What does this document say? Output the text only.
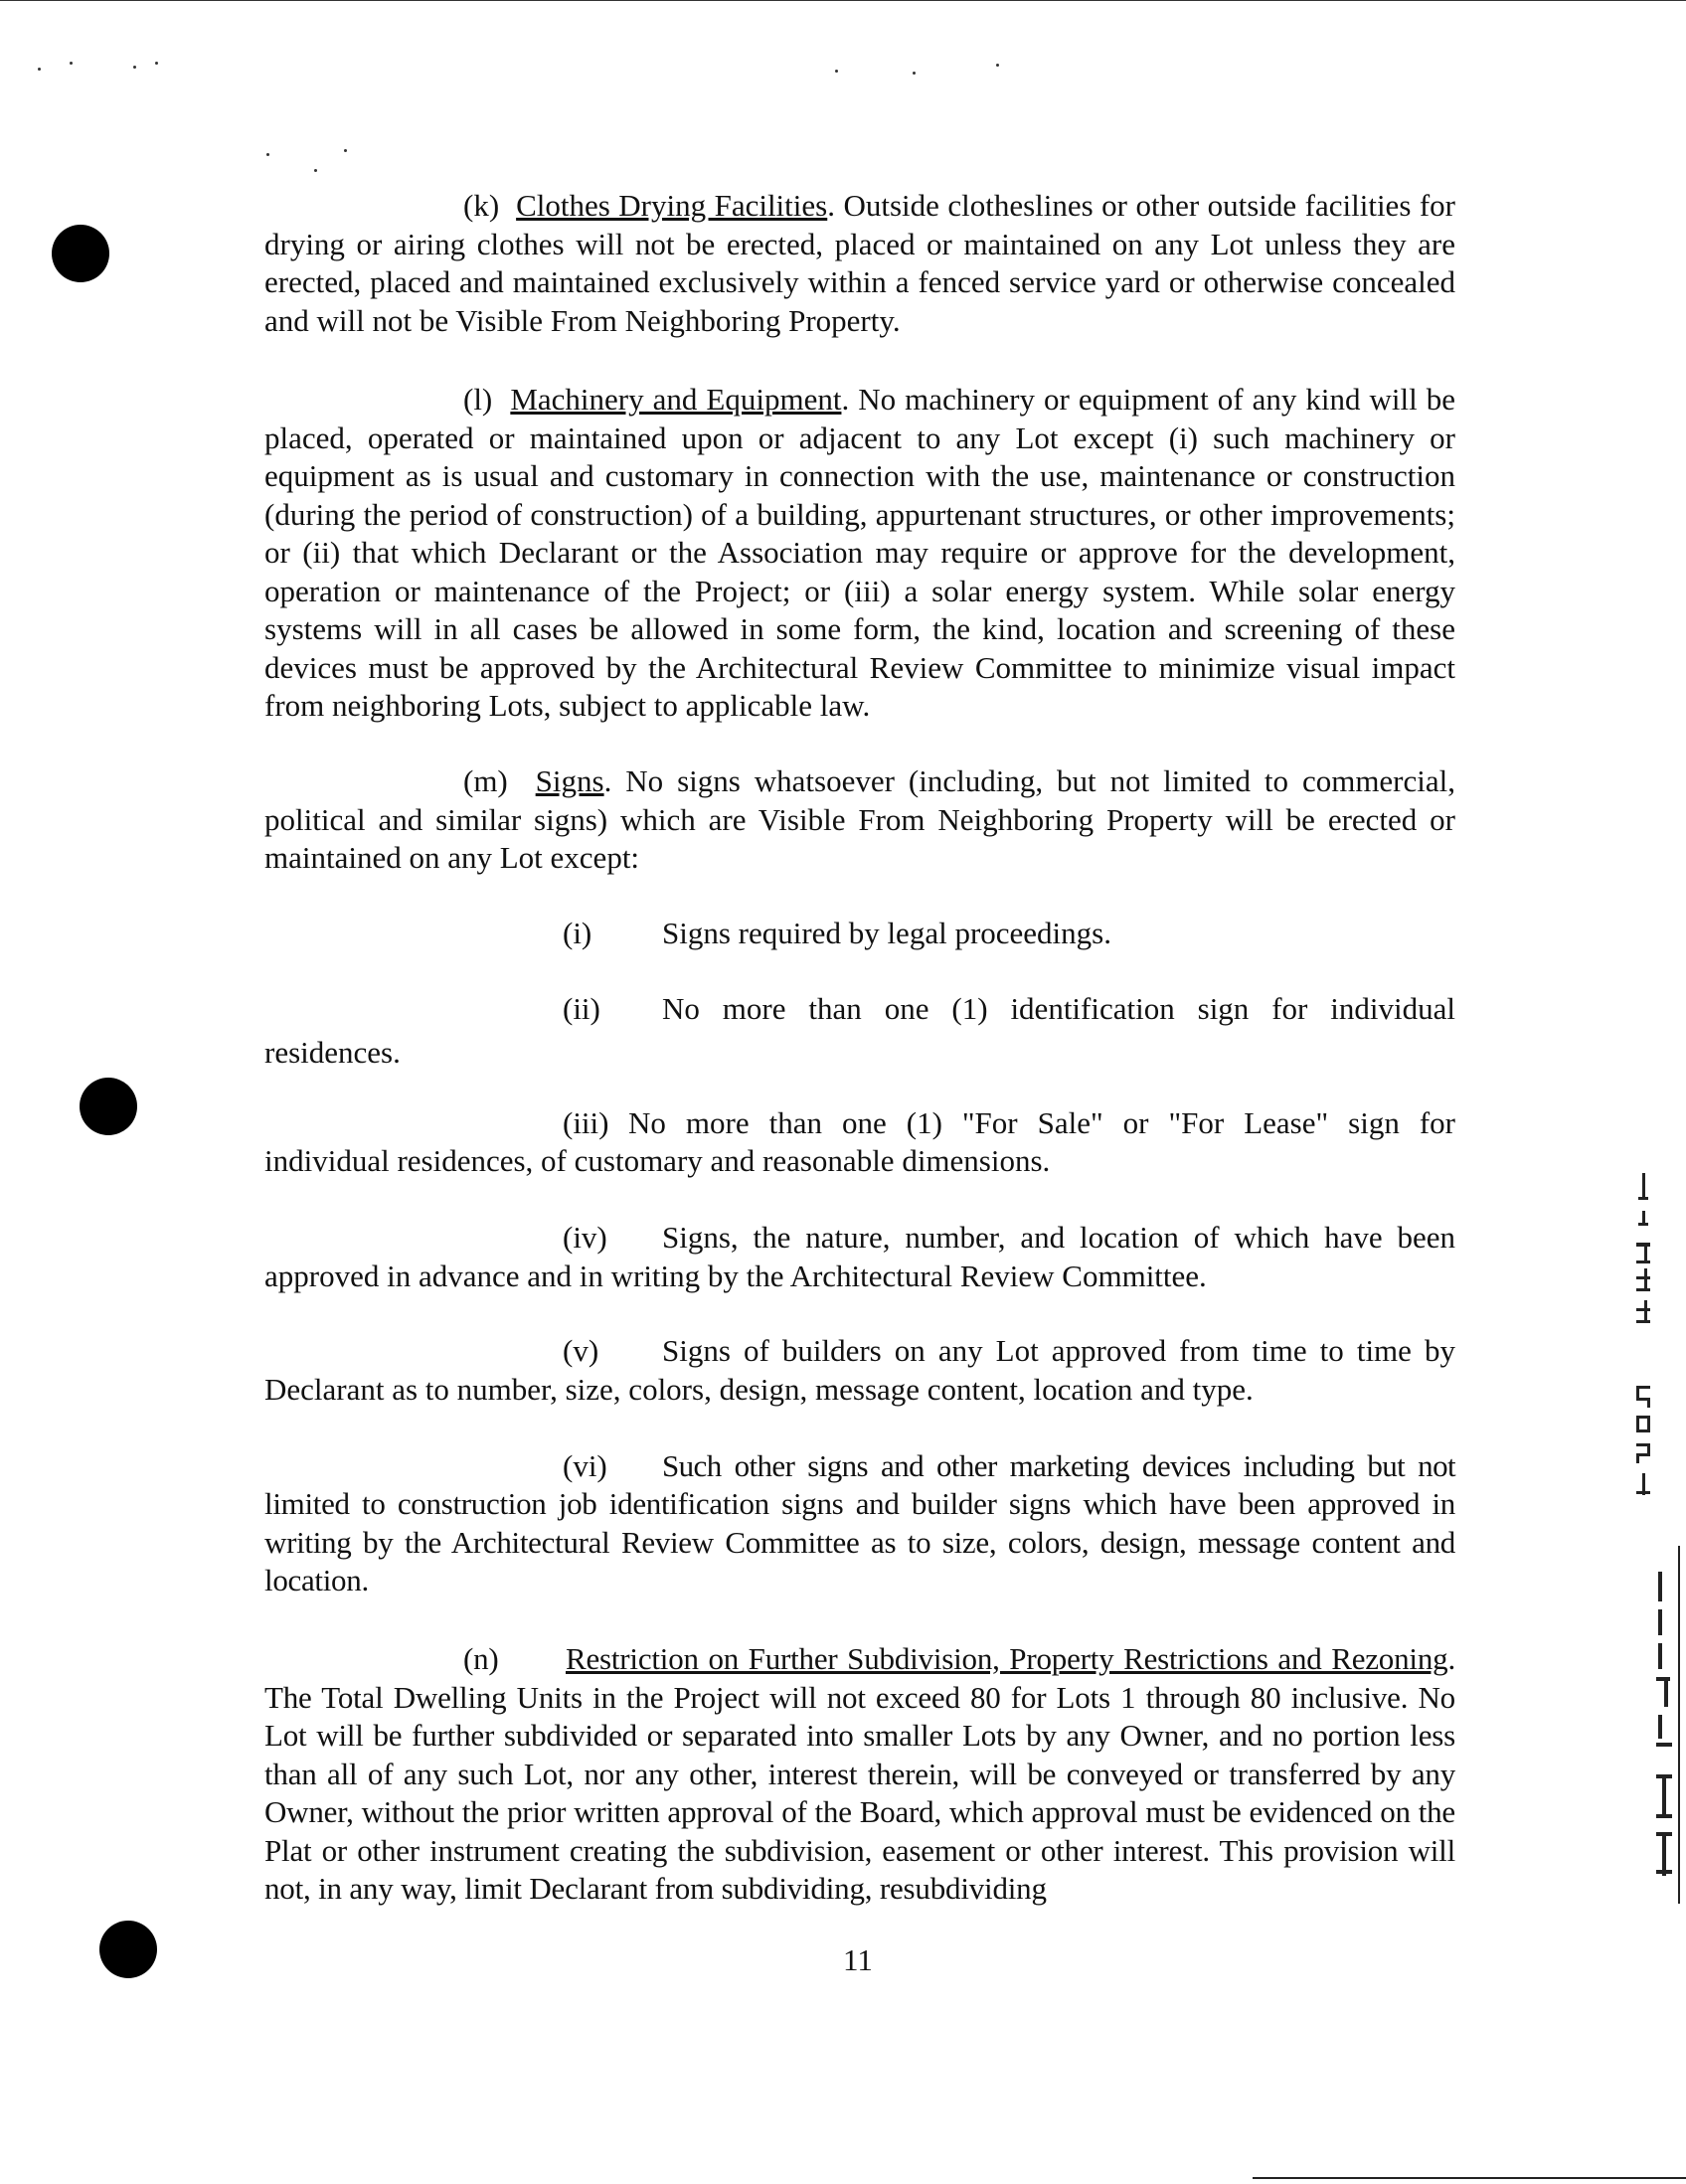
(k) Clothes Drying Facilities. Outside clotheslines or other outside facilities for drying or airing clothes will not be erected, placed or maintained on any Lot unless they are erected, placed and maintained exclusively within a fenced service yard or otherwise concealed and will not be Visible From Neighboring Property.
(l) Machinery and Equipment. No machinery or equipment of any kind will be placed, operated or maintained upon or adjacent to any Lot except (i) such machinery or equipment as is usual and customary in connection with the use, maintenance or construction (during the period of construction) of a building, appurtenant structures, or other improvements; or (ii) that which Declarant or the Association may require or approve for the development, operation or maintenance of the Project; or (iii) a solar energy system. While solar energy systems will in all cases be allowed in some form, the kind, location and screening of these devices must be approved by the Architectural Review Committee to minimize visual impact from neighboring Lots, subject to applicable law.
(m) Signs. No signs whatsoever (including, but not limited to commercial, political and similar signs) which are Visible From Neighboring Property will be erected or maintained on any Lot except:
(i) Signs required by legal proceedings.
(ii) No more than one (1) identification sign for individual
residences.
(iii) No more than one (1) "For Sale" or "For Lease" sign for
individual residences, of customary and reasonable dimensions.
(iv) Signs, the nature, number, and location of which have been
approved in advance and in writing by the Architectural Review Committee.
(v) Signs of builders on any Lot approved from time to time by
Declarant as to number, size, colors, design, message content, location and type.
(vi) Such other signs and other marketing devices including but not
limited to construction job identification signs and builder signs which have been approved in writing by the Architectural Review Committee as to size, colors, design, message content and location.
(n) Restriction on Further Subdivision, Property Restrictions and Rezoning. The Total Dwelling Units in the Project will not exceed 80 for Lots 1 through 80 inclusive. No Lot will be further subdivided or separated into smaller Lots by any Owner, and no portion less than all of any such Lot, nor any other, interest therein, will be conveyed or transferred by any Owner, without the prior written approval of the Board, which approval must be evidenced on the Plat or other instrument creating the subdivision, easement or other interest. This provision will not, in any way, limit Declarant from subdividing, resubdividing
11
